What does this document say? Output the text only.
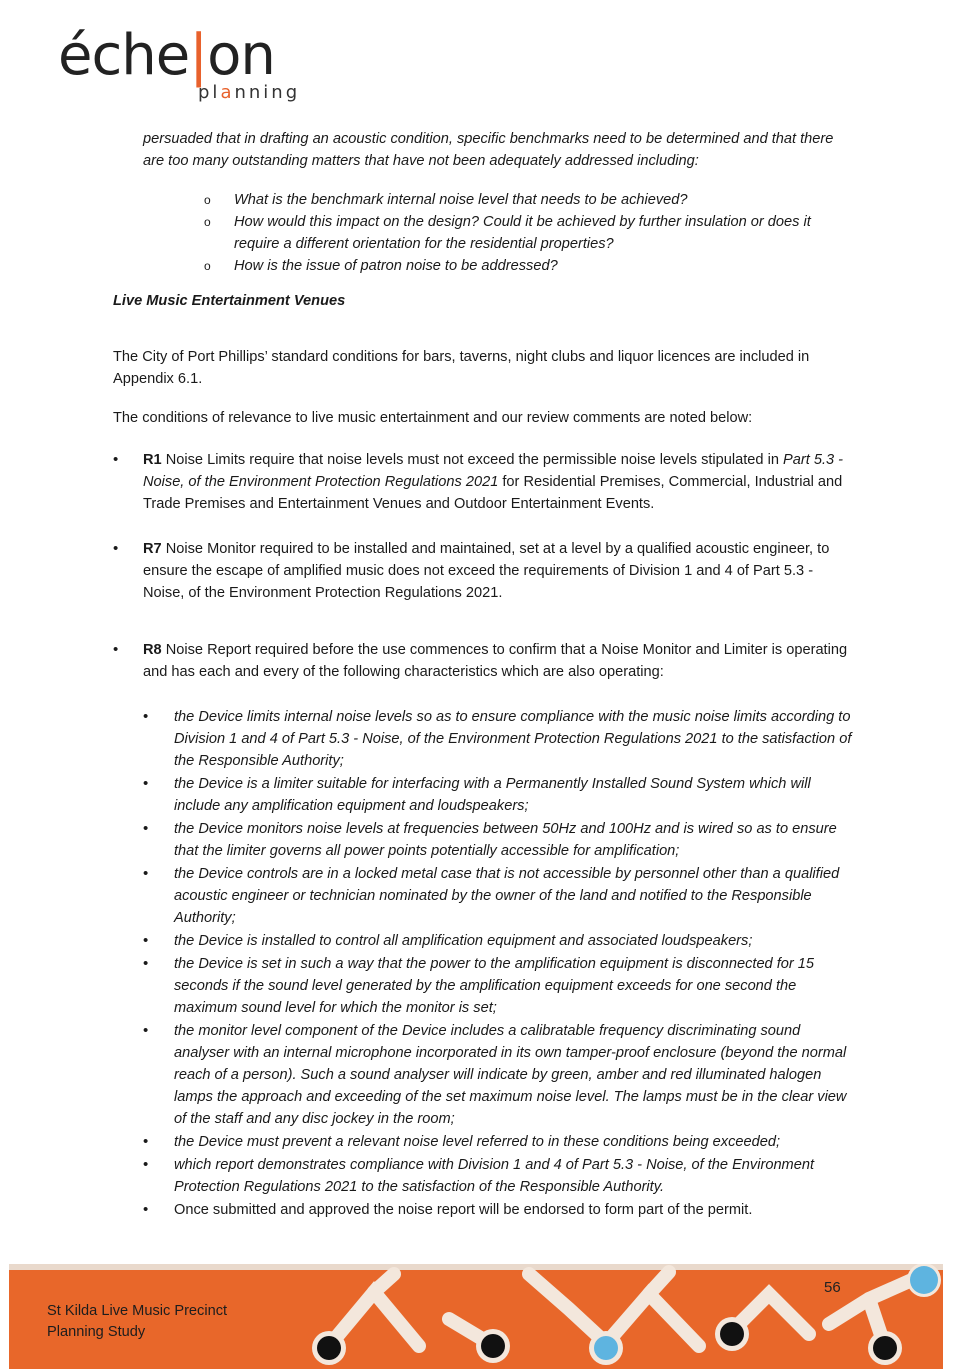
éche|on
planning

persuaded that in drafting an acoustic condition, specific benchmarks need to be determined and that there are too many outstanding matters that have not been adequately addressed including:

o What is the benchmark internal noise level that needs to be achieved?
o How would this impact on the design? Could it be achieved by further insulation or does it require a different orientation for the residential properties?
o How is the issue of patron noise to be addressed?
Live Music Entertainment Venues

The City of Port Phillips’ standard conditions for bars, taverns, night clubs and liquor licences are included in Appendix 6.1.

The conditions of relevance to live music entertainment and our review comments are noted below:

• R1 Noise Limits require that noise levels must not exceed the permissible noise levels stipulated in Part 5.3 - Noise, of the Environment Protection Regulations 2021 for Residential Premises, Commercial, Industrial and Trade Premises and Entertainment Venues and Outdoor Entertainment Events.
• R7 Noise Monitor required to be installed and maintained, set at a level by a qualified acoustic engineer, to ensure the escape of amplified music does not exceed the requirements of Division 1 and 4 of Part 5.3 - Noise, of the Environment Protection Regulations 2021.
• R8 Noise Report required before the use commences to confirm that a Noise Monitor and Limiter is operating and has each and every of the following characteristics which are also operating:
• the Device limits internal noise levels so as to ensure compliance with the music noise limits according to Division 1 and 4 of Part 5.3 - Noise, of the Environment Protection Regulations 2021 to the satisfaction of the Responsible Authority;
• the Device is a limiter suitable for interfacing with a Permanently Installed Sound System which will include any amplification equipment and loudspeakers;
• the Device monitors noise levels at frequencies between 50Hz and 100Hz and is wired so as to ensure that the limiter governs all power points potentially accessible for amplification;
• the Device controls are in a locked metal case that is not accessible by personnel other than a qualified acoustic engineer or technician nominated by the owner of the land and notified to the Responsible Authority;
• the Device is installed to control all amplification equipment and associated loudspeakers;
• the Device is set in such a way that the power to the amplification equipment is disconnected for 15 seconds if the sound level generated by the amplification equipment exceeds for one second the maximum sound level for which the monitor is set;
• the monitor level component of the Device includes a calibratable frequency discriminating sound analyser with an internal microphone incorporated in its own tamper-proof enclosure (beyond the normal reach of a person). Such a sound analyser will indicate by green, amber and red illuminated halogen lamps the approach and exceeding of the set maximum noise level. The lamps must be in the clear view of the staff and any disc jockey in the room;
• the Device must prevent a relevant noise level referred to in these conditions being exceeded;
• which report demonstrates compliance with Division 1 and 4 of Part 5.3 - Noise, of the Environment Protection Regulations 2021 to the satisfaction of the Responsible Authority.
• Once submitted and approved the noise report will be endorsed to form part of the permit.
St Kilda Live Music Precinct
Planning Study
56
